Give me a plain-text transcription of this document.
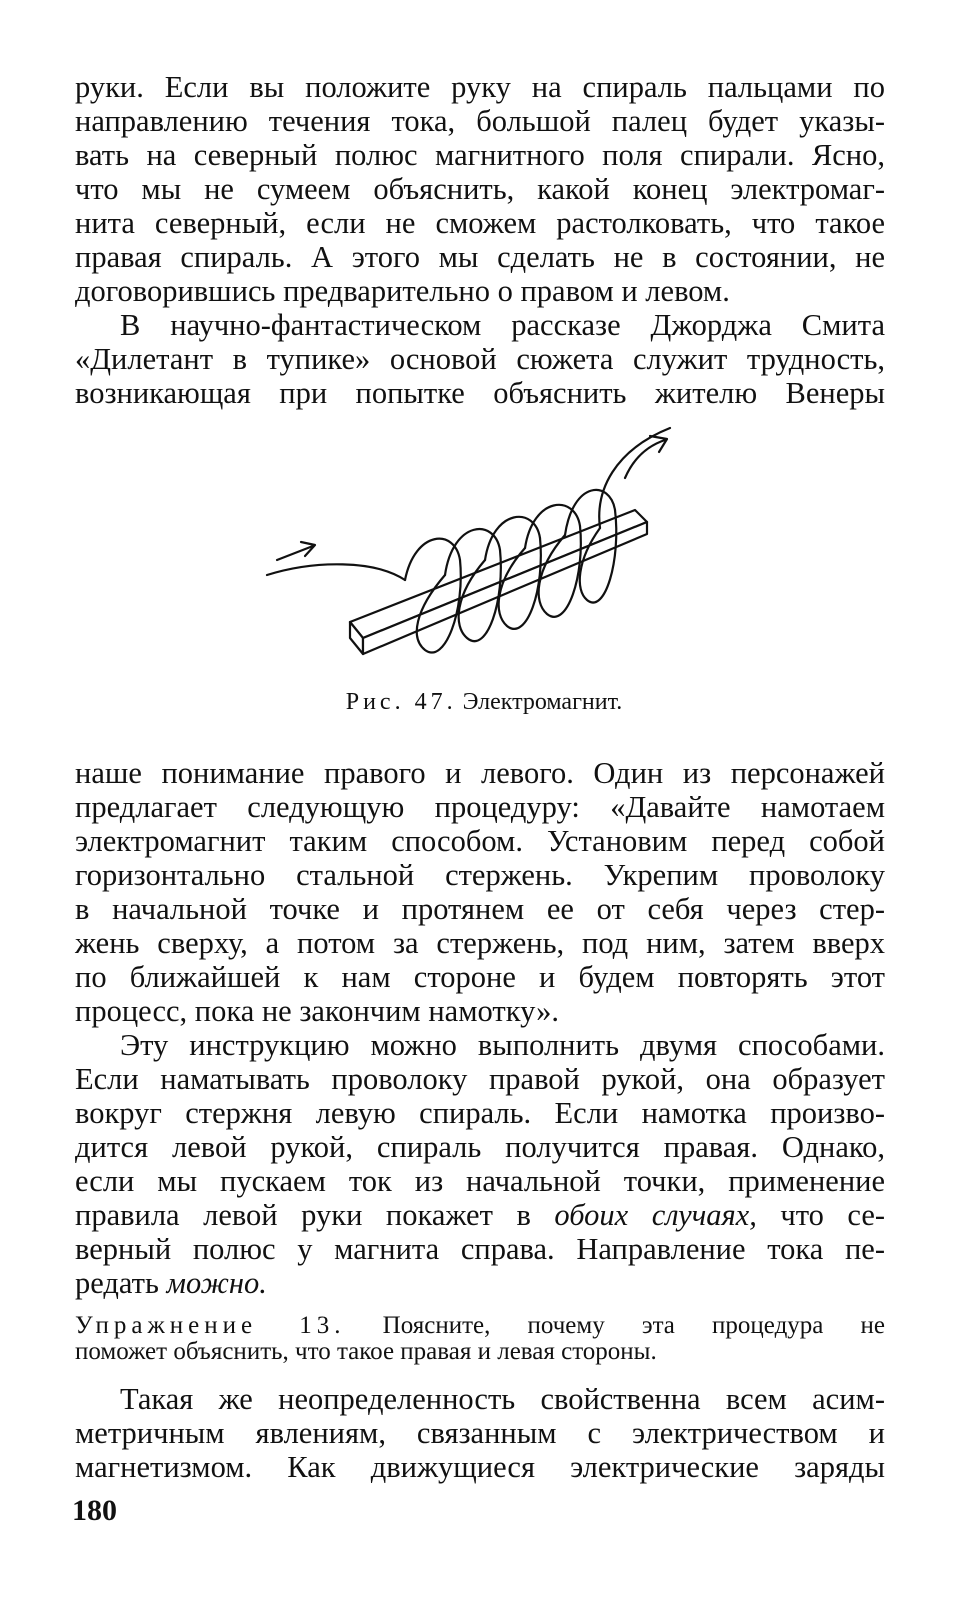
руки. Если вы положите руку на спираль пальцами по
направлению течения тока, большой палец будет указы-
вать на северный полюс магнитного поля спирали. Ясно,
что мы не сумеем объяснить, какой конец электромаг-
нита северный, если не сможем растолковать, что такое
правая спираль. А этого мы сделать не в состоянии, не
договорившись предварительно о правом и левом.
В научно-фантастическом рассказе Джорджа Смита
«Дилетант в тупике» основой сюжета служит трудность,
возникающая при попытке объяснить жителю Венеры
Рис. 47. Электромагнит.
наше понимание правого и левого. Один из персонажей
предлагает следующую процедуру: «Давайте намотаем
электромагнит таким способом. Установим перед собой
горизонтально стальной стержень. Укрепим проволоку
в начальной точке и протянем ее от себя через стер-
жень сверху, а потом за стержень, под ним, затем вверх
по ближайшей к нам стороне и будем повторять этот
процесс, пока не закончим намотку».
Эту инструкцию можно выполнить двумя способами.
Если наматывать проволоку правой рукой, она образует
вокруг стержня левую спираль. Если намотка произво-
дится левой рукой, спираль получится правая. Однако,
если мы пускаем ток из начальной точки, применение
правила левой руки покажет в обоих случаях, что се-
верный полюс у магнита справа. Направление тока пе-
редать можно.
Упражнение 13. Поясните, почему эта процедура не
поможет объяснить, что такое правая и левая стороны.
Такая же неопределенность свойственна всем асим-
метричным явлениям, связанным с электричеством и
магнетизмом. Как движущиеся электрические заряды
180
